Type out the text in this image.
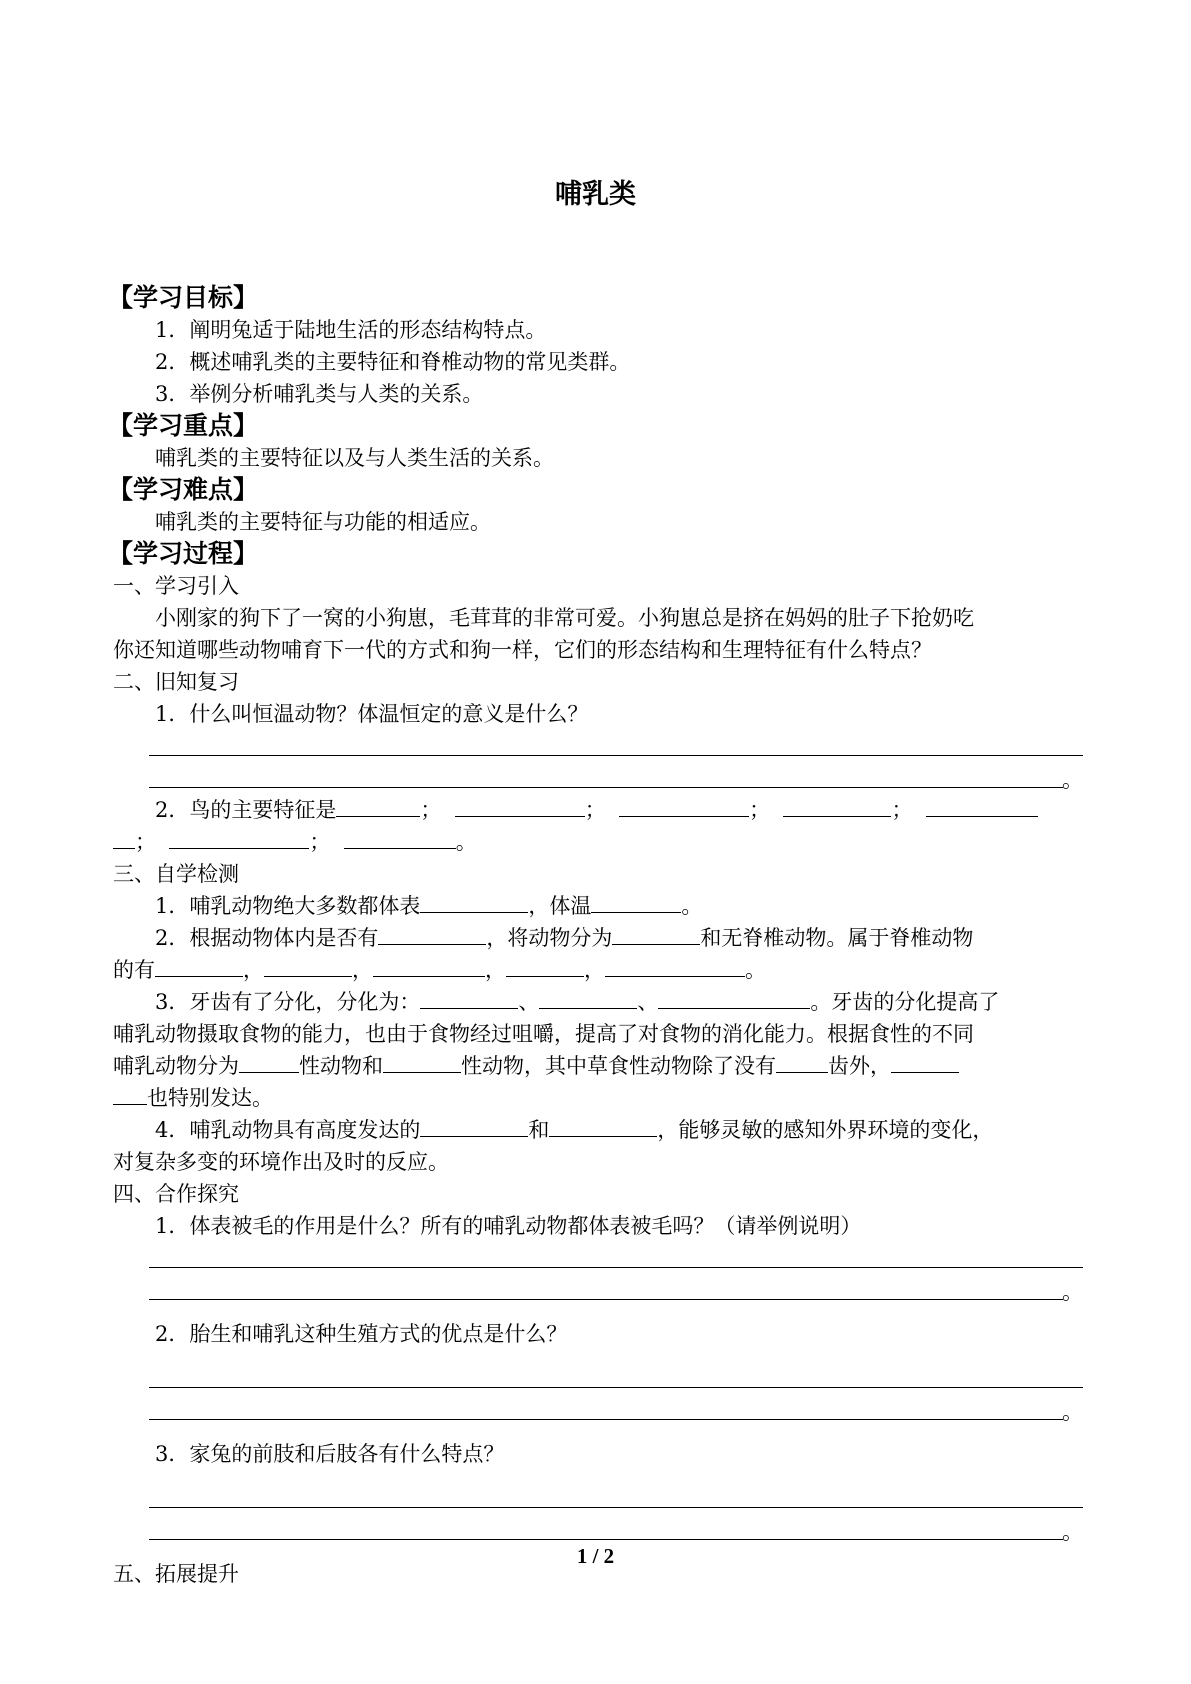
哺乳类
【学习目标】
1．阐明兔适于陆地生活的形态结构特点。
2．概述哺乳类的主要特征和脊椎动物的常见类群。
3．举例分析哺乳类与人类的关系。
【学习重点】
哺乳类的主要特征以及与人类生活的关系。
【学习难点】
哺乳类的主要特征与功能的相适应。
【学习过程】
一、学习引入
小刚家的狗下了一窝的小狗崽，毛茸茸的非常可爱。小狗崽总是挤在妈妈的肚子下抢奶吃
你还知道哪些动物哺育下一代的方式和狗一样，它们的形态结构和生理特征有什么特点？
二、旧知复习
1．什么叫恒温动物？体温恒定的意义是什么？
。
2．鸟的主要特征是	；	；	；	；
；	；	。
三、自学检测
1．哺乳动物绝大多数都体表	，体温	。
2．根据动物体内是否有	，将动物分为	和无脊椎动物。属于脊椎动物
的有	，	，	，	，	。
3．牙齿有了分化，分化为：	、	、	。牙齿的分化提高了
哺乳动物摄取食物的能力，也由于食物经过咀嚼，提高了对食物的消化能力。根据食性的不同
哺乳动物分为	性动物和	性动物，其中草食性动物除了没有 齿外，
也特别发达。
4．哺乳动物具有高度发达的	和	，能够灵敏的感知外界环境的变化，
对复杂多变的环境作出及时的反应。
四、合作探究
1．体表被毛的作用是什么？所有的哺乳动物都体表被毛吗？（请举例说明）
。
2．胎生和哺乳这种生殖方式的优点是什么？
。
3．家兔的前肢和后肢各有什么特点？
。
五、拓展提升
1 / 2
